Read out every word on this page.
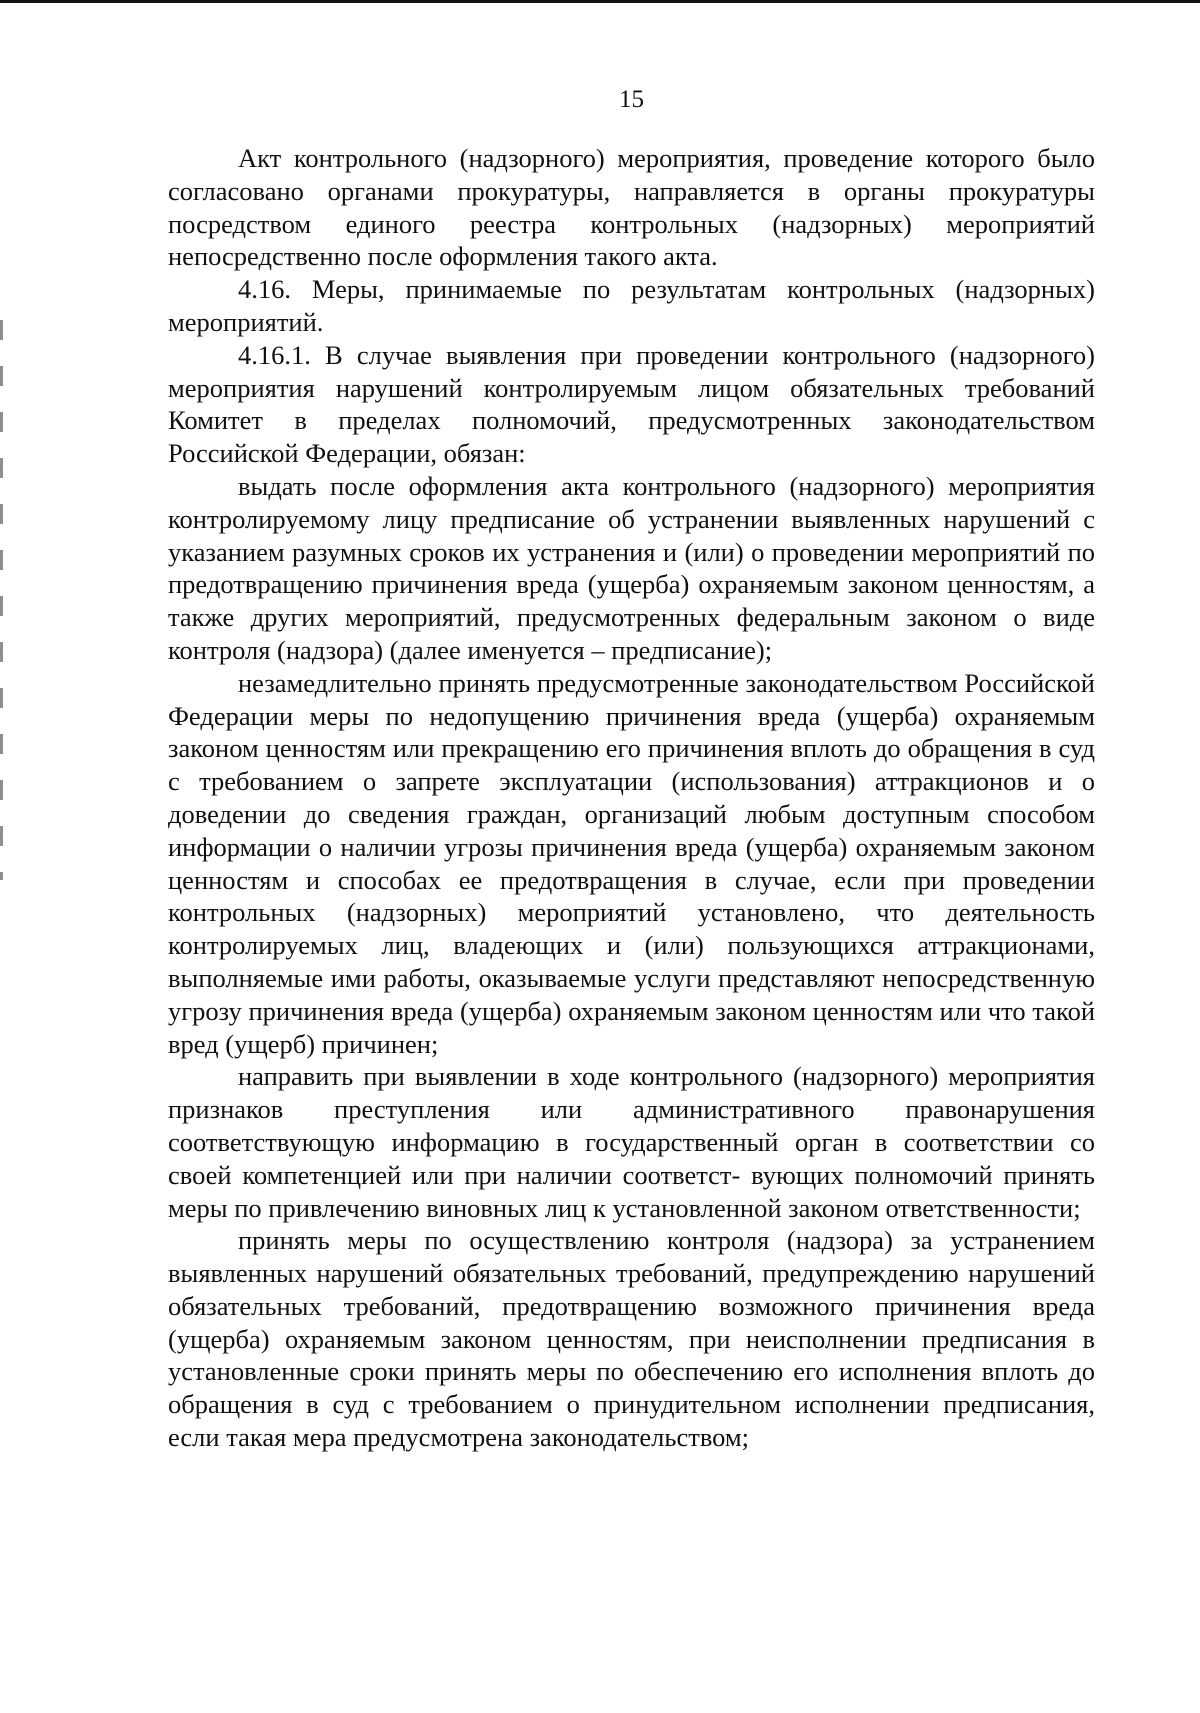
15

Акт контрольного (надзорного) мероприятия, проведение которого было согласовано органами прокуратуры, направляется в органы прокуратуры посредством единого реестра контрольных (надзорных) мероприятий непосредственно после оформления такого акта.

4.16. Меры, принимаемые по результатам контрольных (надзорных) мероприятий.

4.16.1. В случае выявления при проведении контрольного (надзорного) мероприятия нарушений контролируемым лицом обязательных требований Комитет в пределах полномочий, предусмотренных законодательством Российской Федерации, обязан:

выдать после оформления акта контрольного (надзорного) мероприятия контролируемому лицу предписание об устранении выявленных нарушений с указанием разумных сроков их устранения и (или) о проведении мероприятий по предотвращению причинения вреда (ущерба) охраняемым законом ценностям, а также других мероприятий, предусмотренных федеральным законом о виде контроля (надзора) (далее именуется – предписание);

незамедлительно принять предусмотренные законодательством Российской Федерации меры по недопущению причинения вреда (ущерба) охраняемым законом ценностям или прекращению его причинения вплоть до обращения в суд с требованием о запрете эксплуатации (использования) аттракционов и о доведении до сведения граждан, организаций любым доступным способом информации о наличии угрозы причинения вреда (ущерба) охраняемым законом ценностям и способах ее предотвращения в случае, если при проведении контрольных (надзорных) мероприятий установлено, что деятельность контролируемых лиц, владеющих и (или) пользующихся аттракционами, выполняемые ими работы, оказываемые услуги представляют непосредственную угрозу причинения вреда (ущерба) охраняемым законом ценностям или что такой вред (ущерб) причинен;

направить при выявлении в ходе контрольного (надзорного) мероприятия признаков преступления или административного правонарушения соответствующую информацию в государственный орган в соответствии со своей компетенцией или при наличии соответст- вующих полномочий принять меры по привлечению виновных лиц к установленной законом ответственности;

принять меры по осуществлению контроля (надзора) за устранением выявленных нарушений обязательных требований, предупреждению нарушений обязательных требований, предотвращению возможного причинения вреда (ущерба) охраняемым законом ценностям, при неисполнении предписания в установленные сроки принять меры по обеспечению его исполнения вплоть до обращения в суд с требованием о принудительном исполнении предписания, если такая мера предусмотрена законодательством;
